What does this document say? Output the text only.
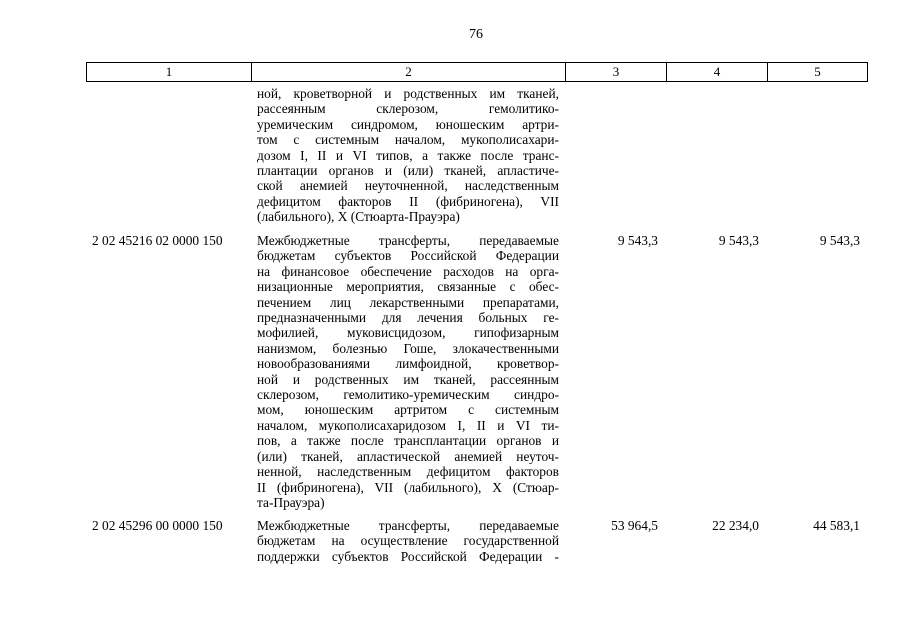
76
1	2	3	4	5
ной, кроветворной и родственных им тканей,
рассеянным склерозом, гемолитико-
уремическим синдромом, юношеским артри-
том с системным началом, мукополисахари-
дозом I, II и VI типов, а также после транс-
плантации органов и (или) тканей, апластиче-
ской анемией неуточненной, наследственным
дефицитом факторов II (фибриногена), VII
(лабильного), X (Стюарта-Прауэра)
2 02 45216 02 0000 150	Межбюджетные трансферты, передаваемые
бюджетам субъектов Российской Федерации
на финансовое обеспечение расходов на орга-
низационные мероприятия, связанные с обес-
печением лиц лекарственными препаратами,
предназначенными для лечения больных ге-
мофилией, муковисцидозом, гипофизарным
нанизмом, болезнью Гоше, злокачественными
новообразованиями лимфоидной, кроветвор-
ной и родственных им тканей, рассеянным
склерозом, гемолитико-уремическим синдро-
мом, юношеским артритом с системным
началом, мукополисахаридозом I, II и VI ти-
пов, а также после трансплантации органов и
(или) тканей, апластической анемией неуточ-
ненной, наследственным дефицитом факторов
II (фибриногена), VII (лабильного), X (Стюар-
та-Прауэра)
9 543,3	9 543,3	9 543,3
2 02 45296 00 0000 150	Межбюджетные трансферты, передаваемые
бюджетам на осуществление государственной
поддержки субъектов Российской Федерации -
53 964,5	22 234,0	44 583,1
